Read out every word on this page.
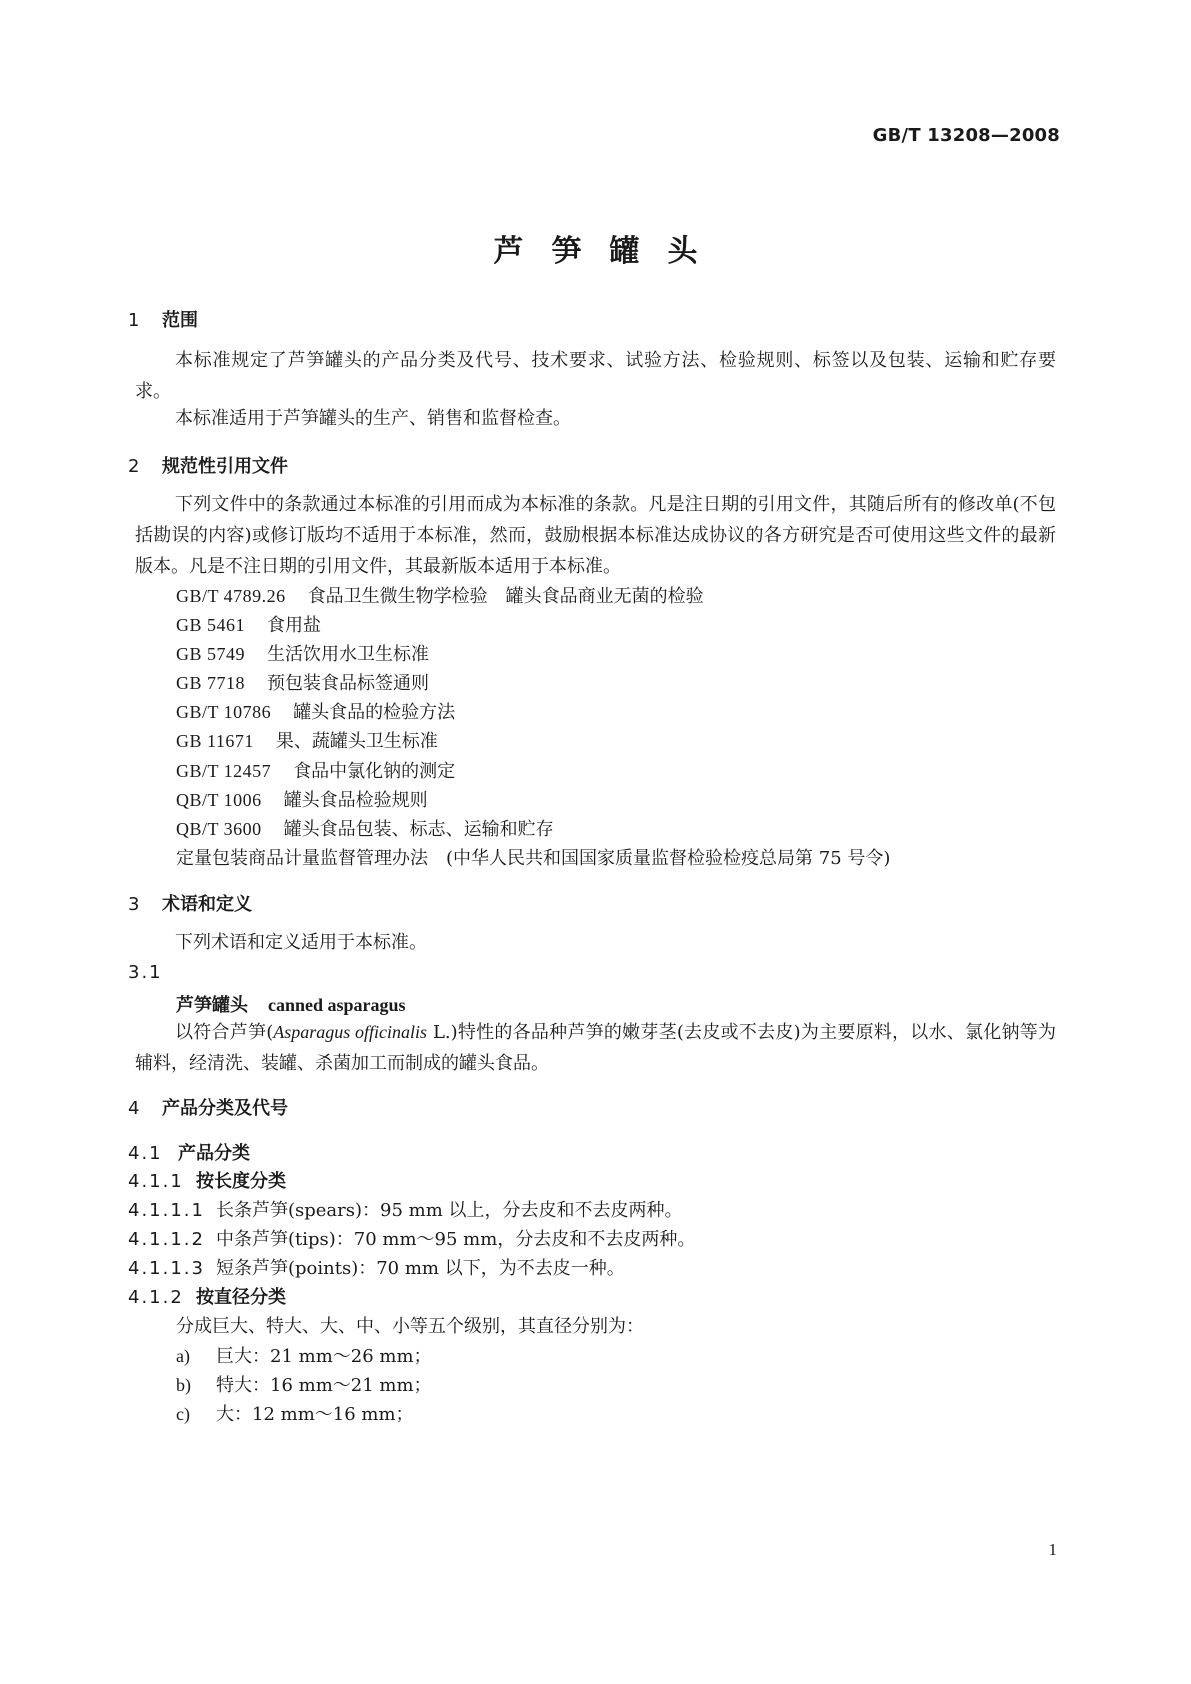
GB/T 13208—2008
芦笋罐头
1 范围
本标准规定了芦笋罐头的产品分类及代号、技术要求、试验方法、检验规则、标签以及包装、运输和贮存要求。
本标准适用于芦笋罐头的生产、销售和监督检查。
2 规范性引用文件
下列文件中的条款通过本标准的引用而成为本标准的条款。凡是注日期的引用文件，其随后所有的修改单(不包括勘误的内容)或修订版均不适用于本标准，然而，鼓励根据本标准达成协议的各方研究是否可使用这些文件的最新版本。凡是不注日期的引用文件，其最新版本适用于本标准。
GB/T 4789.26 食品卫生微生物学检验　罐头食品商业无菌的检验
GB 5461 食用盐
GB 5749 生活饮用水卫生标准
GB 7718 预包装食品标签通则
GB/T 10786 罐头食品的检验方法
GB 11671 果、蔬罐头卫生标准
GB/T 12457 食品中氯化钠的测定
QB/T 1006 罐头食品检验规则
QB/T 3600 罐头食品包装、标志、运输和贮存
定量包装商品计量监督管理办法　(中华人民共和国国家质量监督检验检疫总局第 75 号令)
3 术语和定义
下列术语和定义适用于本标准。
3.1
芦笋罐头 canned asparagus
以符合芦笋(Asparagus officinalis L.)特性的各品种芦笋的嫩芽茎(去皮或不去皮)为主要原料，以水、氯化钠等为辅料，经清洗、装罐、杀菌加工而制成的罐头食品。
4 产品分类及代号
4.1 产品分类
4.1.1 按长度分类
4.1.1.1 长条芦笋(spears)：95 mm 以上，分去皮和不去皮两种。
4.1.1.2 中条芦笋(tips)：70 mm～95 mm，分去皮和不去皮两种。
4.1.1.3 短条芦笋(points)：70 mm 以下，为不去皮一种。
4.1.2 按直径分类
分成巨大、特大、大、中、小等五个级别，其直径分别为：
a) 巨大：21 mm～26 mm；
b) 特大：16 mm～21 mm；
c) 大：12 mm～16 mm；
1
